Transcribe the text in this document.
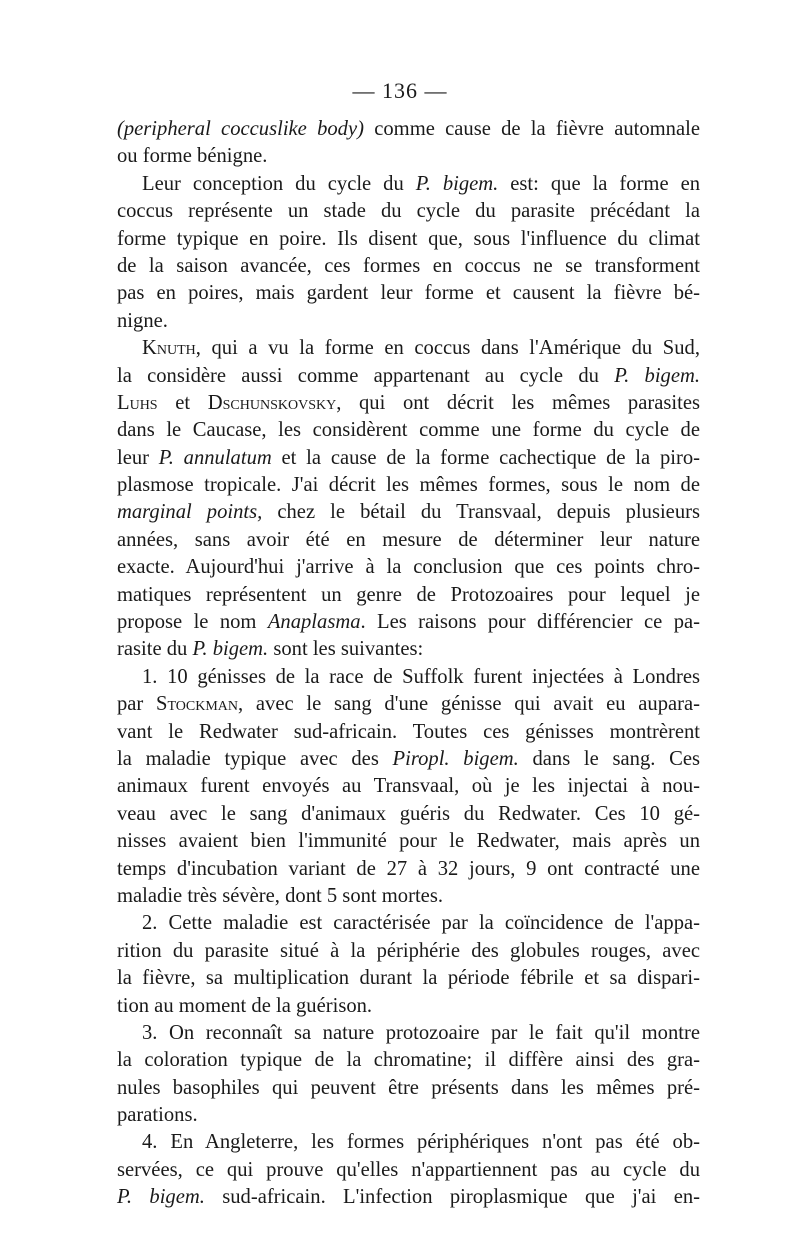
— 136 —
(peripheral coccuslike body) comme cause de la fièvre automnale
ou forme bénigne.
Leur conception du cycle du P. bigem. est: que la forme en
coccus représente un stade du cycle du parasite précédant la
forme typique en poire. Ils disent que, sous l'influence du climat
de la saison avancée, ces formes en coccus ne se transforment
pas en poires, mais gardent leur forme et causent la fièvre bé-
nigne.
Knuth, qui a vu la forme en coccus dans l'Amérique du Sud,
la considère aussi comme appartenant au cycle du P. bigem.
Luhs et Dschunskovsky, qui ont décrit les mêmes parasites
dans le Caucase, les considèrent comme une forme du cycle de
leur P. annulatum et la cause de la forme cachectique de la piro-
plasmose tropicale. J'ai décrit les mêmes formes, sous le nom de
marginal points, chez le bétail du Transvaal, depuis plusieurs
années, sans avoir été en mesure de déterminer leur nature
exacte. Aujourd'hui j'arrive à la conclusion que ces points chro-
matiques représentent un genre de Protozoaires pour lequel je
propose le nom Anaplasma. Les raisons pour différencier ce pa-
rasite du P. bigem. sont les suivantes:
1. 10 génisses de la race de Suffolk furent injectées à Londres
par Stockman, avec le sang d'une génisse qui avait eu aupara-
vant le Redwater sud-africain. Toutes ces génisses montrèrent
la maladie typique avec des Piropl. bigem. dans le sang. Ces
animaux furent envoyés au Transvaal, où je les injectai à nou-
veau avec le sang d'animaux guéris du Redwater. Ces 10 gé-
nisses avaient bien l'immunité pour le Redwater, mais après un
temps d'incubation variant de 27 à 32 jours, 9 ont contracté une
maladie très sévère, dont 5 sont mortes.
2. Cette maladie est caractérisée par la coïncidence de l'appa-
rition du parasite situé à la périphérie des globules rouges, avec
la fièvre, sa multiplication durant la période fébrile et sa dispari-
tion au moment de la guérison.
3. On reconnaît sa nature protozoaire par le fait qu'il montre
la coloration typique de la chromatine; il diffère ainsi des gra-
nules basophiles qui peuvent être présents dans les mêmes pré-
parations.
4. En Angleterre, les formes périphériques n'ont pas été ob-
servées, ce qui prouve qu'elles n'appartiennent pas au cycle du
P. bigem. sud-africain. L'infection piroplasmique que j'ai en-
